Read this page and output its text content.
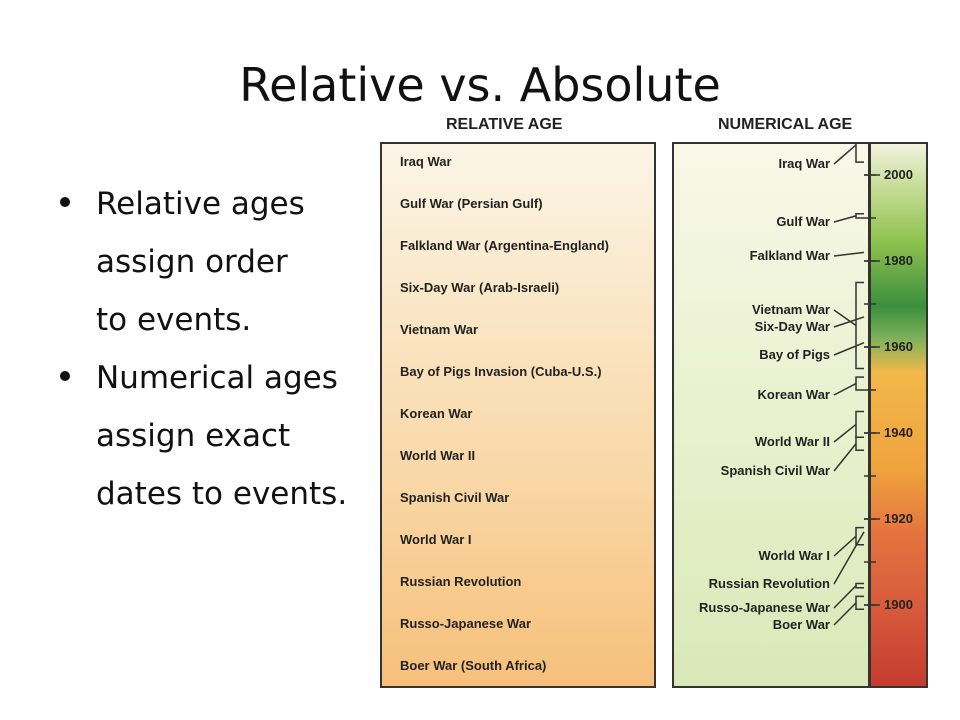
Relative vs. Absolute
Relative ages
assign order
to events.
Numerical ages
assign exact
dates to events.
RELATIVE AGE	NUMERICAL AGE
Iraq War
Gulf War (Persian Gulf)
Falkland War (Argentina-England)
Six-Day War (Arab-Israeli)
Vietnam War
Bay of Pigs Invasion (Cuba-U.S.)
Korean War
World War II
Spanish Civil War
World War I
Russian Revolution
Russo-Japanese War
Boer War (South Africa)
2000
1980
1960
1940
1920
1900
Iraq War
Gulf War
Falkland War
Vietnam War
Six-Day War
Bay of Pigs
Korean War
World War II
Spanish Civil War
World War I
Russian Revolution
Russo-Japanese War
Boer War
